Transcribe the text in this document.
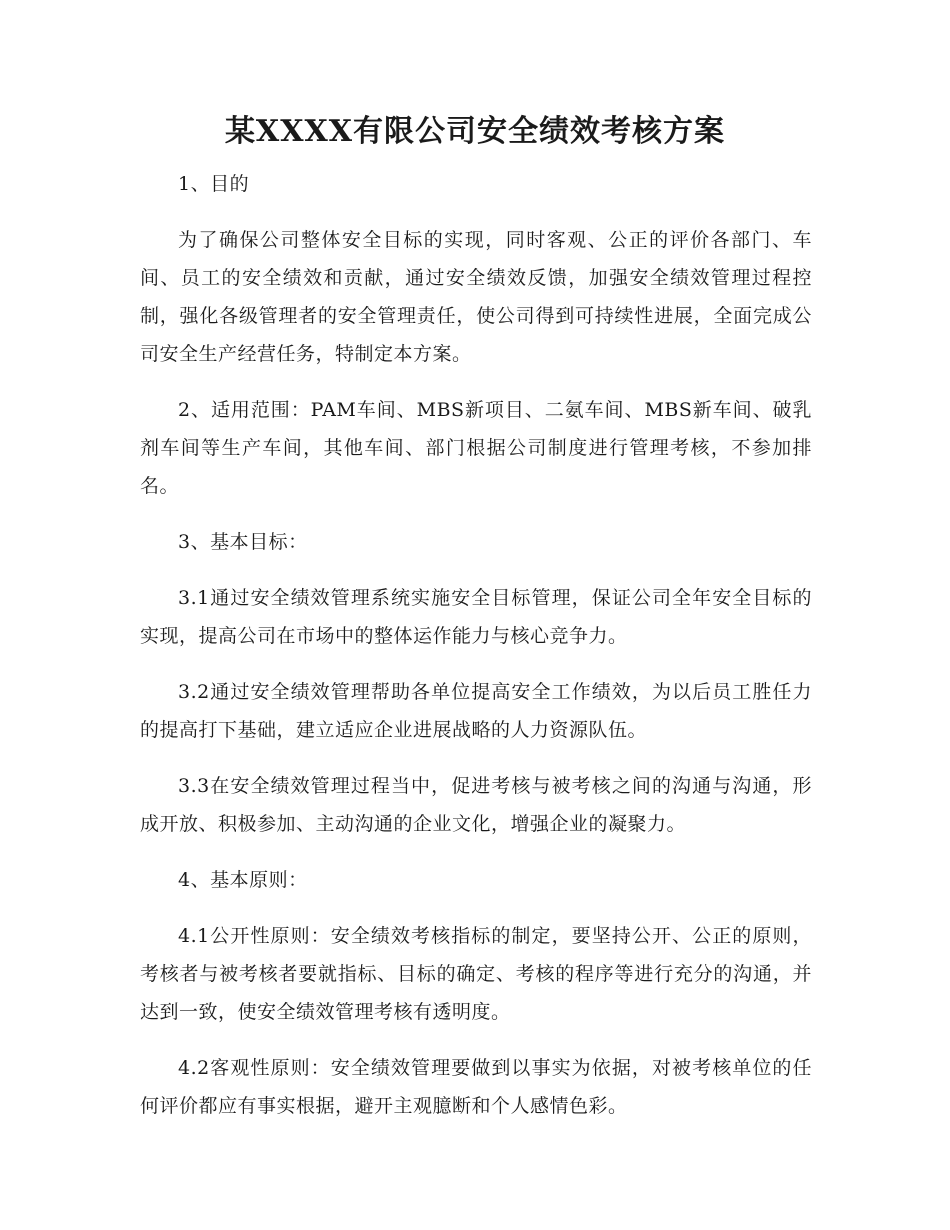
某XXXX有限公司安全绩效考核方案

1、目的

为了确保公司整体安全目标的实现，同时客观、公正的评价各部门、车间、员工的安全绩效和贡献，通过安全绩效反馈，加强安全绩效管理过程控制，强化各级管理者的安全管理责任，使公司得到可持续性进展，全面完成公司安全生产经营任务，特制定本方案。

2、适用范围：PAM车间、MBS新项目、二氨车间、MBS新车间、破乳剂车间等生产车间，其他车间、部门根据公司制度进行管理考核，不参加排名。

3、基本目标：

3.1通过安全绩效管理系统实施安全目标管理，保证公司全年安全目标的实现，提高公司在市场中的整体运作能力与核心竞争力。

3.2通过安全绩效管理帮助各单位提高安全工作绩效，为以后员工胜任力的提高打下基础，建立适应企业进展战略的人力资源队伍。

3.3在安全绩效管理过程当中，促进考核与被考核之间的沟通与沟通，形成开放、积极参加、主动沟通的企业文化，增强企业的凝聚力。

4、基本原则：

4.1公开性原则：安全绩效考核指标的制定，要坚持公开、公正的原则，考核者与被考核者要就指标、目标的确定、考核的程序等进行充分的沟通，并达到一致，使安全绩效管理考核有透明度。

4.2客观性原则：安全绩效管理要做到以事实为依据，对被考核单位的任何评价都应有事实根据，避开主观臆断和个人感情色彩。
